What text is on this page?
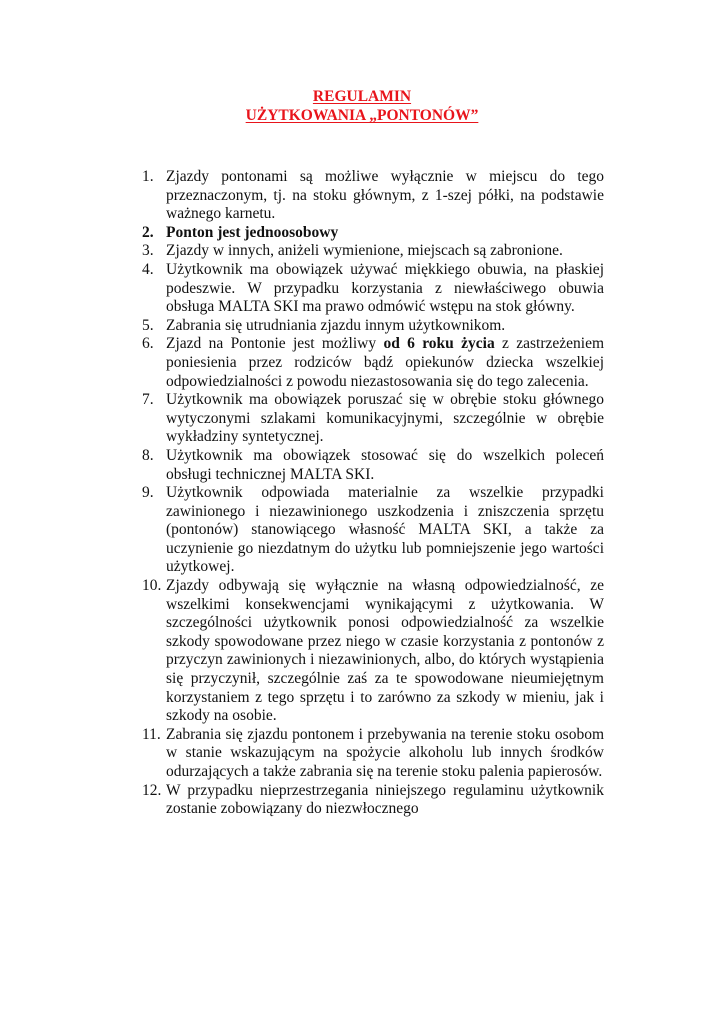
REGULAMIN
UŻYTKOWANIA „PONTONÓW”
1. Zjazdy pontonami są możliwe wyłącznie w miejscu do tego przeznaczonym, tj. na stoku głównym, z 1-szej półki, na podstawie ważnego karnetu.
2. Ponton jest jednoosobowy
3. Zjazdy w innych, aniżeli wymienione, miejscach są zabronione.
4. Użytkownik ma obowiązek używać miękkiego obuwia, na płaskiej podeszwie. W przypadku korzystania z niewłaściwego obuwia obsługa MALTA SKI ma prawo odmówić wstępu na stok główny.
5. Zabrania się utrudniania zjazdu innym użytkownikom.
6. Zjazd na Pontonie jest możliwy od 6 roku życia z zastrzeżeniem poniesienia przez rodziców bądź opiekunów dziecka wszelkiej odpowiedzialności z powodu niezastosowania się do tego zalecenia.
7. Użytkownik ma obowiązek poruszać się w obrębie stoku głównego wytyczonymi szlakami komunikacyjnymi, szczególnie w obrębie wykładziny syntetycznej.
8. Użytkownik ma obowiązek stosować się do wszelkich poleceń obsługi technicznej MALTA SKI.
9. Użytkownik odpowiada materialnie za wszelkie przypadki zawinionego i niezawinionego uszkodzenia i zniszczenia sprzętu (pontonów) stanowiącego własność MALTA SKI, a także za uczynienie go niezdatnym do użytku lub pomniejszenie jego wartości użytkowej.
10. Zjazdy odbywają się wyłącznie na własną odpowiedzialność, ze wszelkimi konsekwencjami wynikającymi z użytkowania. W szczególności użytkownik ponosi odpowiedzialność za wszelkie szkody spowodowane przez niego w czasie korzystania z pontonów z przyczyn zawinionych i niezawinionych, albo, do których wystąpienia się przyczynił, szczególnie zaś za te spowodowane nieumiejętnym korzystaniem z tego sprzętu i to zarówno za szkody w mieniu, jak i szkody na osobie.
11. Zabrania się zjazdu pontonem i przebywania na terenie stoku osobom w stanie wskazującym na spożycie alkoholu lub innych środków odurzających a także zabrania się na terenie stoku palenia papierosów.
12. W przypadku nieprzestrzegania niniejszego regulaminu użytkownik zostanie zobowiązany do niezwłocznego
